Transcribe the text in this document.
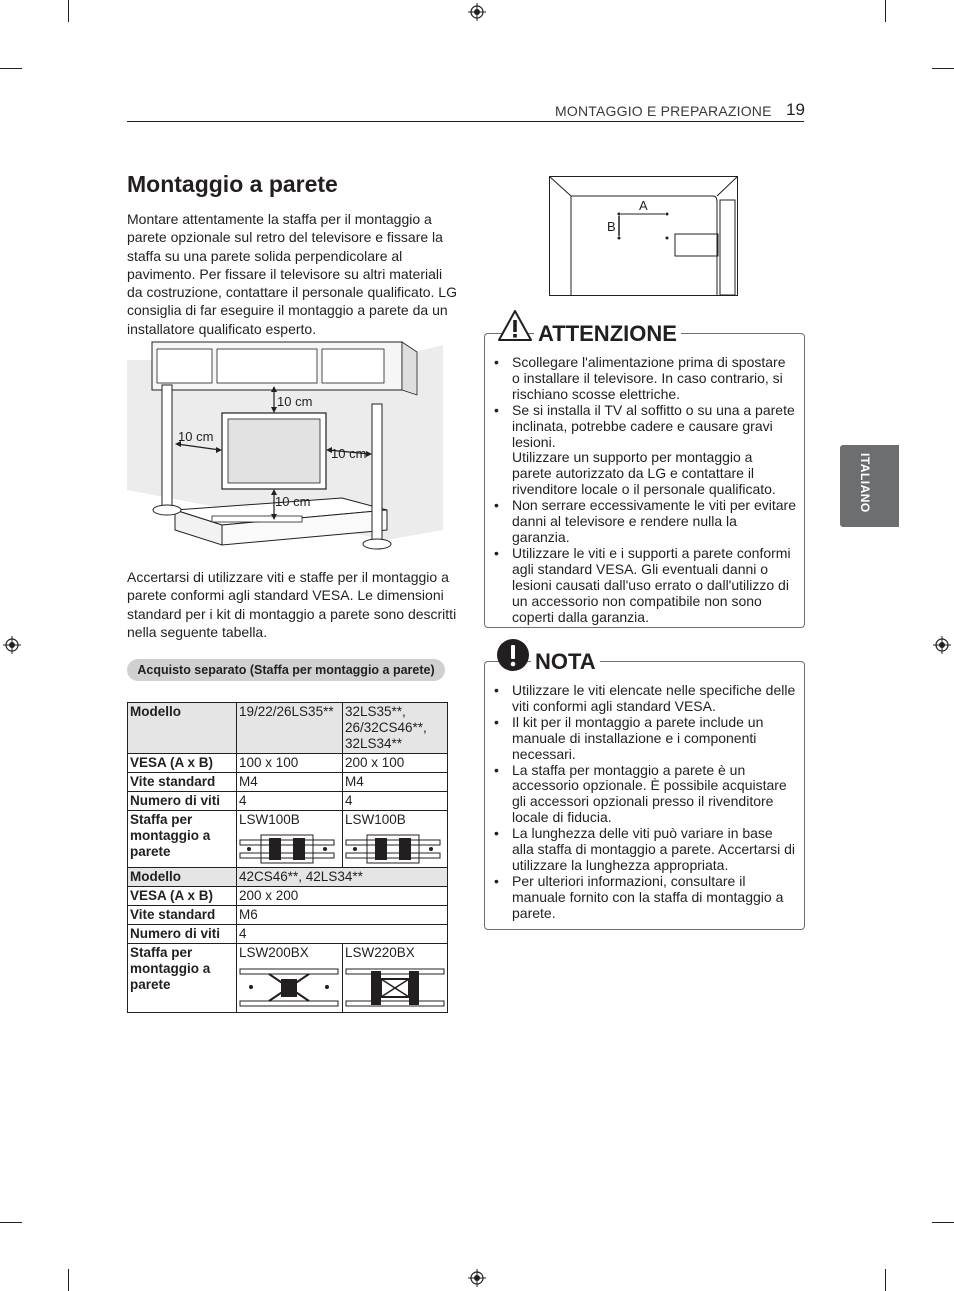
MONTAGGIO E PREPARAZIONE 19
ITALIANO
Montaggio a parete
Montare attentamente la staffa per il montaggio a parete opzionale sul retro del televisore e fissare la staffa su una parete solida perpendicolare al pavimento. Per fissare il televisore su altri materiali da costruzione, contattare il personale qualificato. LG consiglia di far eseguire il montaggio a parete da un installatore qualificato esperto.
10 cm
10 cm
10 cm
10 cm
Accertarsi di utilizzare viti e staffe per il montaggio a parete conformi agli standard VESA. Le dimensioni standard per i kit di montaggio a parete sono descritti nella seguente tabella.
Acquisto separato (Staffa per montaggio a parete)
Modello	19/22/26LS35**	32LS35**, 26/32CS46**, 32LS34**
VESA (A x B)	100 x 100	200 x 100
Vite standard	M4	M4
Numero di viti	4	4
Staffa per montaggio a parete	LSW100B	LSW100B

Modello	42CS46**, 42LS34**	
VESA (A x B)	200 x 200	
Vite standard	M6	
Numero di viti	4	
Staffa per montaggio a parete	LSW200BX	LSW220BX
A
B
ATTENZIONE
• Scollegare l'alimentazione prima di spostare o installare il televisore. In caso contrario, si rischiano scosse elettriche.
• Se si installa il TV al soffitto o su una a parete inclinata, potrebbe cadere e causare gravi lesioni.
Utilizzare un supporto per montaggio a parete autorizzato da LG e contattare il rivenditore locale o il personale qualificato.
• Non serrare eccessivamente le viti per evitare danni al televisore e rendere nulla la garanzia.
• Utilizzare le viti e i supporti a parete conformi agli standard VESA. Gli eventuali danni o lesioni causati dall'uso errato o dall'utilizzo di un accessorio non compatibile non sono coperti dalla garanzia.
NOTA
• Utilizzare le viti elencate nelle specifiche delle viti conformi agli standard VESA.
• Il kit per il montaggio a parete include un manuale di installazione e i componenti necessari.
• La staffa per montaggio a parete è un accessorio opzionale. È possibile acquistare gli accessori opzionali presso il rivenditore locale di fiducia.
• La lunghezza delle viti può variare in base alla staffa di montaggio a parete. Accertarsi di utilizzare la lunghezza appropriata.
• Per ulteriori informazioni, consultare il manuale fornito con la staffa di montaggio a parete.
